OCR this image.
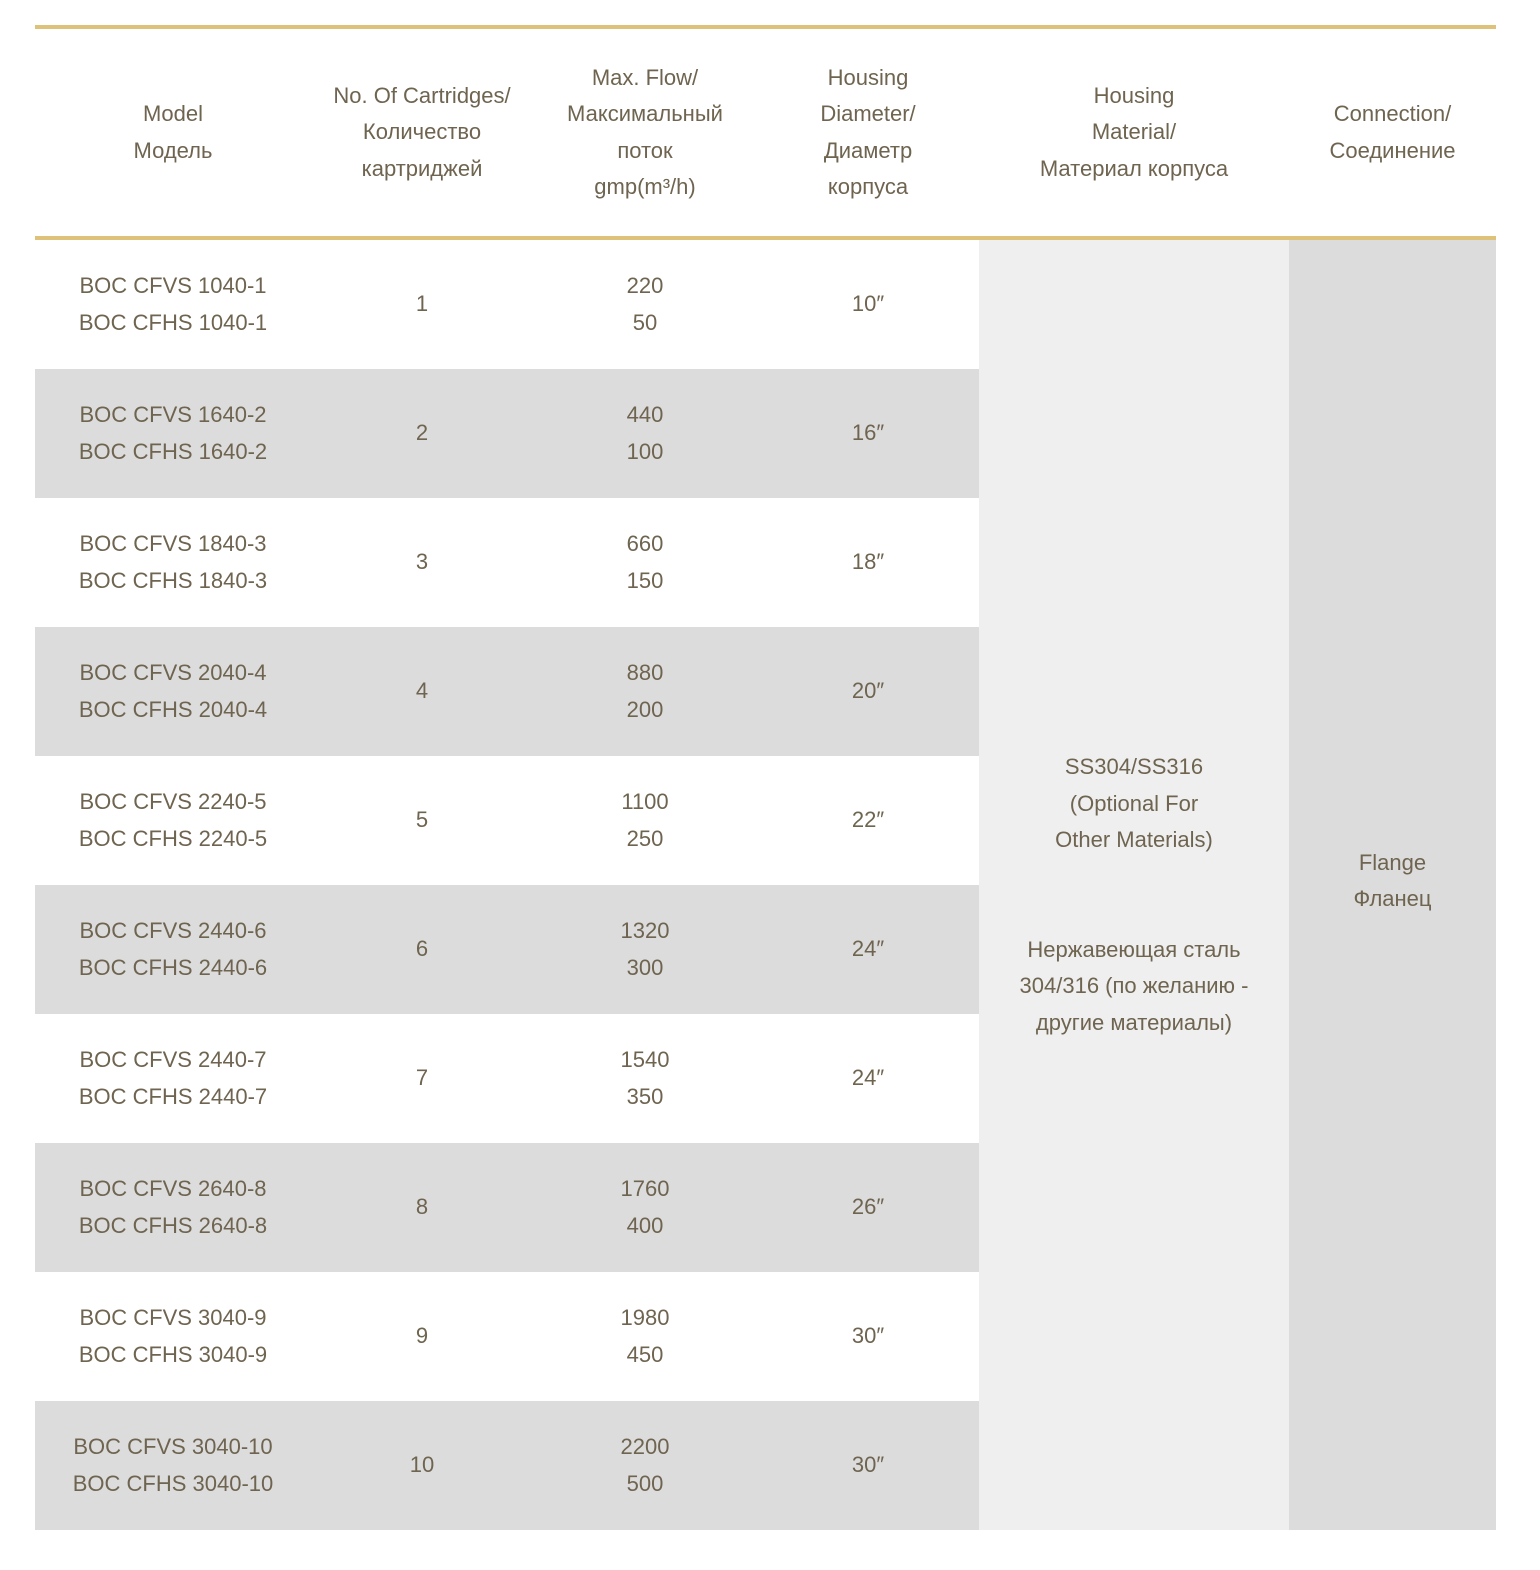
Model
Модель
No. Of Cartridges/
Количество
картриджей
Max. Flow/
Максимальный
поток
gmp(m³/h)
Housing
Diameter/
Диаметр
корпуса
Housing
Material/
Материал корпуса
Connection/
Соединение
SS304/SS316
(Optional For
Other Materials)
Нержавеющая сталь
304/316 (по желанию -
другие материалы)
Flange
Фланец
BOC CFVS 1040-1
BOC CFHS 1040-1
1
220
50
10″
BOC CFVS 1640-2
BOC CFHS 1640-2
2
440
100
16″
BOC CFVS 1840-3
BOC CFHS 1840-3
3
660
150
18″
BOC CFVS 2040-4
BOC CFHS 2040-4
4
880
200
20″
BOC CFVS 2240-5
BOC CFHS 2240-5
5
1100
250
22″
BOC CFVS 2440-6
BOC CFHS 2440-6
6
1320
300
24″
BOC CFVS 2440-7
BOC CFHS 2440-7
7
1540
350
24″
BOC CFVS 2640-8
BOC CFHS 2640-8
8
1760
400
26″
BOC CFVS 3040-9
BOC CFHS 3040-9
9
1980
450
30″
BOC CFVS 3040-10
BOC CFHS 3040-10
10
2200
500
30″
